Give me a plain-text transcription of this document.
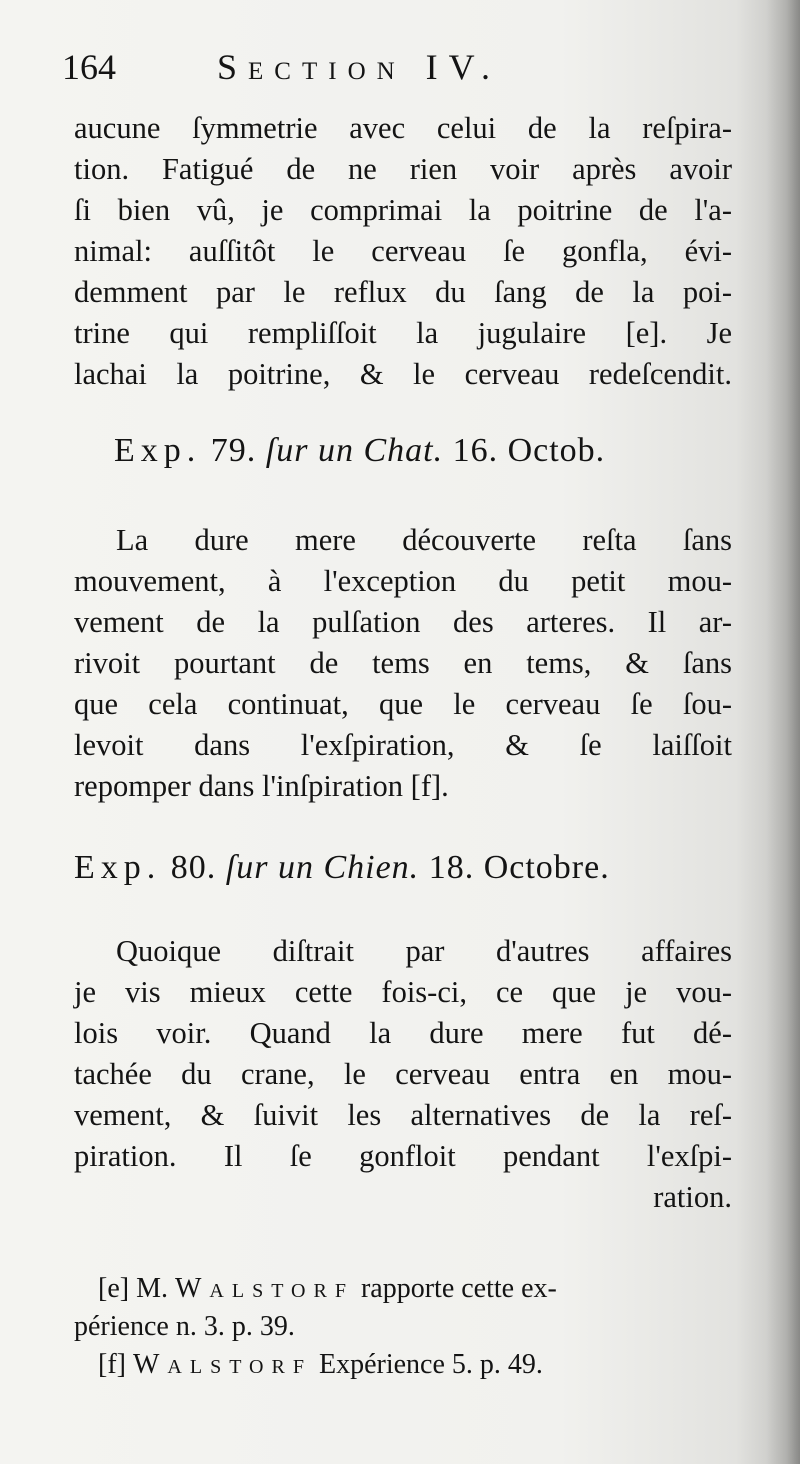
164	Section IV.
aucune ſymmetrie avec celui de la reſpira-
tion. Fatigué de ne rien voir après avoir
ſi bien vû, je comprimai la poitrine de l'a-
nimal: auſſitôt le cerveau ſe gonfla, évi-
demment par le reflux du ſang de la poi-
trine qui rempliſſoit la jugulaire [e]. Je
lachai la poitrine, & le cerveau redeſcendit.
Exp. 79. ſur un Chat. 16. Octob.
La dure mere découverte reſta ſans
mouvement, à l'exception du petit mou-
vement de la pulſation des arteres. Il ar-
rivoit pourtant de tems en tems, & ſans
que cela continuat, que le cerveau ſe ſou-
levoit dans l'exſpiration, & ſe laiſſoit
repomper dans l'inſpiration [f].
Exp. 80. ſur un Chien. 18. Octobre.
Quoique diſtrait par d'autres affaires
je vis mieux cette fois-ci, ce que je vou-
lois voir. Quand la dure mere fut dé-
tachée du crane, le cerveau entra en mou-
vement, & ſuivit les alternatives de la reſ-
piration. Il ſe gonfloit pendant l'exſpi-
ration.
[e] M. Walstorf rapporte cette ex-
périence n. 3. p. 39.
[f] Walstorf Expérience 5. p. 49.
